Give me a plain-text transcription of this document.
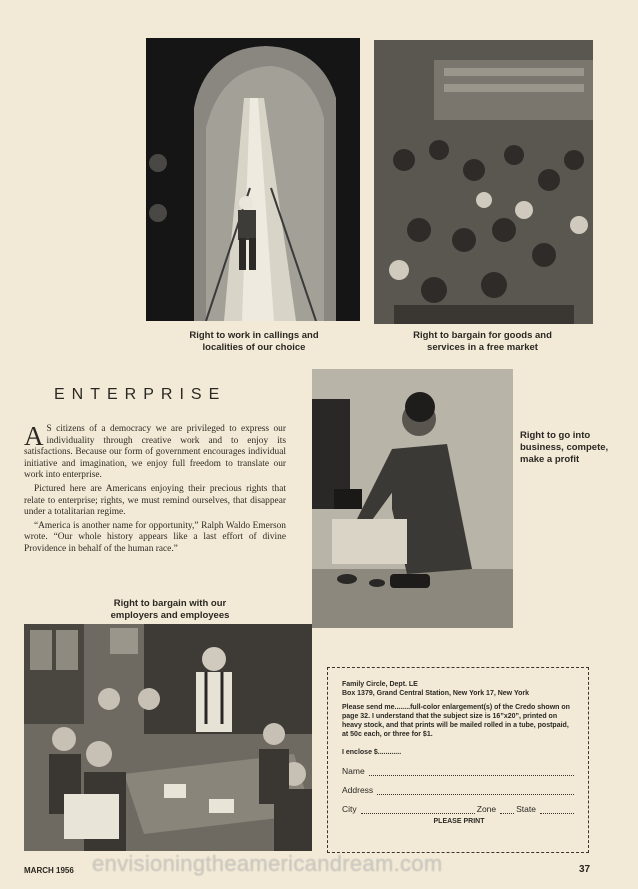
Right to work in callings and localities of our choice
Right to bargain for goods and services in a free market
ENTERPRISE

A S citizens of a democracy we are privileged to express our individuality through creative work and to enjoy its satisfactions. Because our form of government encourages individual initiative and imagination, we enjoy full freedom to translate our work into enterprise.

Pictured here are Americans enjoying their precious rights that relate to enterprise; rights, we must remind ourselves, that disappear under a totalitarian regime.

“America is another name for opportunity,” Ralph Waldo Emerson wrote. “Our whole history appears like a last effort of divine Providence in behalf of the human race.”

Right to go into business, compete, make a profit
Right to bargain with our employers and employees
Family Circle, Dept. LE
Box 1379, Grand Central Station, New York 17, New York
Please send me........full-color enlargement(s) of the Credo shown on page 32. I understand that the subject size is 16”x20”, printed on heavy stock, and that prints will be mailed rolled in a tube, postpaid, at 50c each, or three for $1.
I enclose $............
Name
Address
City	Zone State
PLEASE PRINT
MARCH 1956 envisioningtheamericandream.com	37
